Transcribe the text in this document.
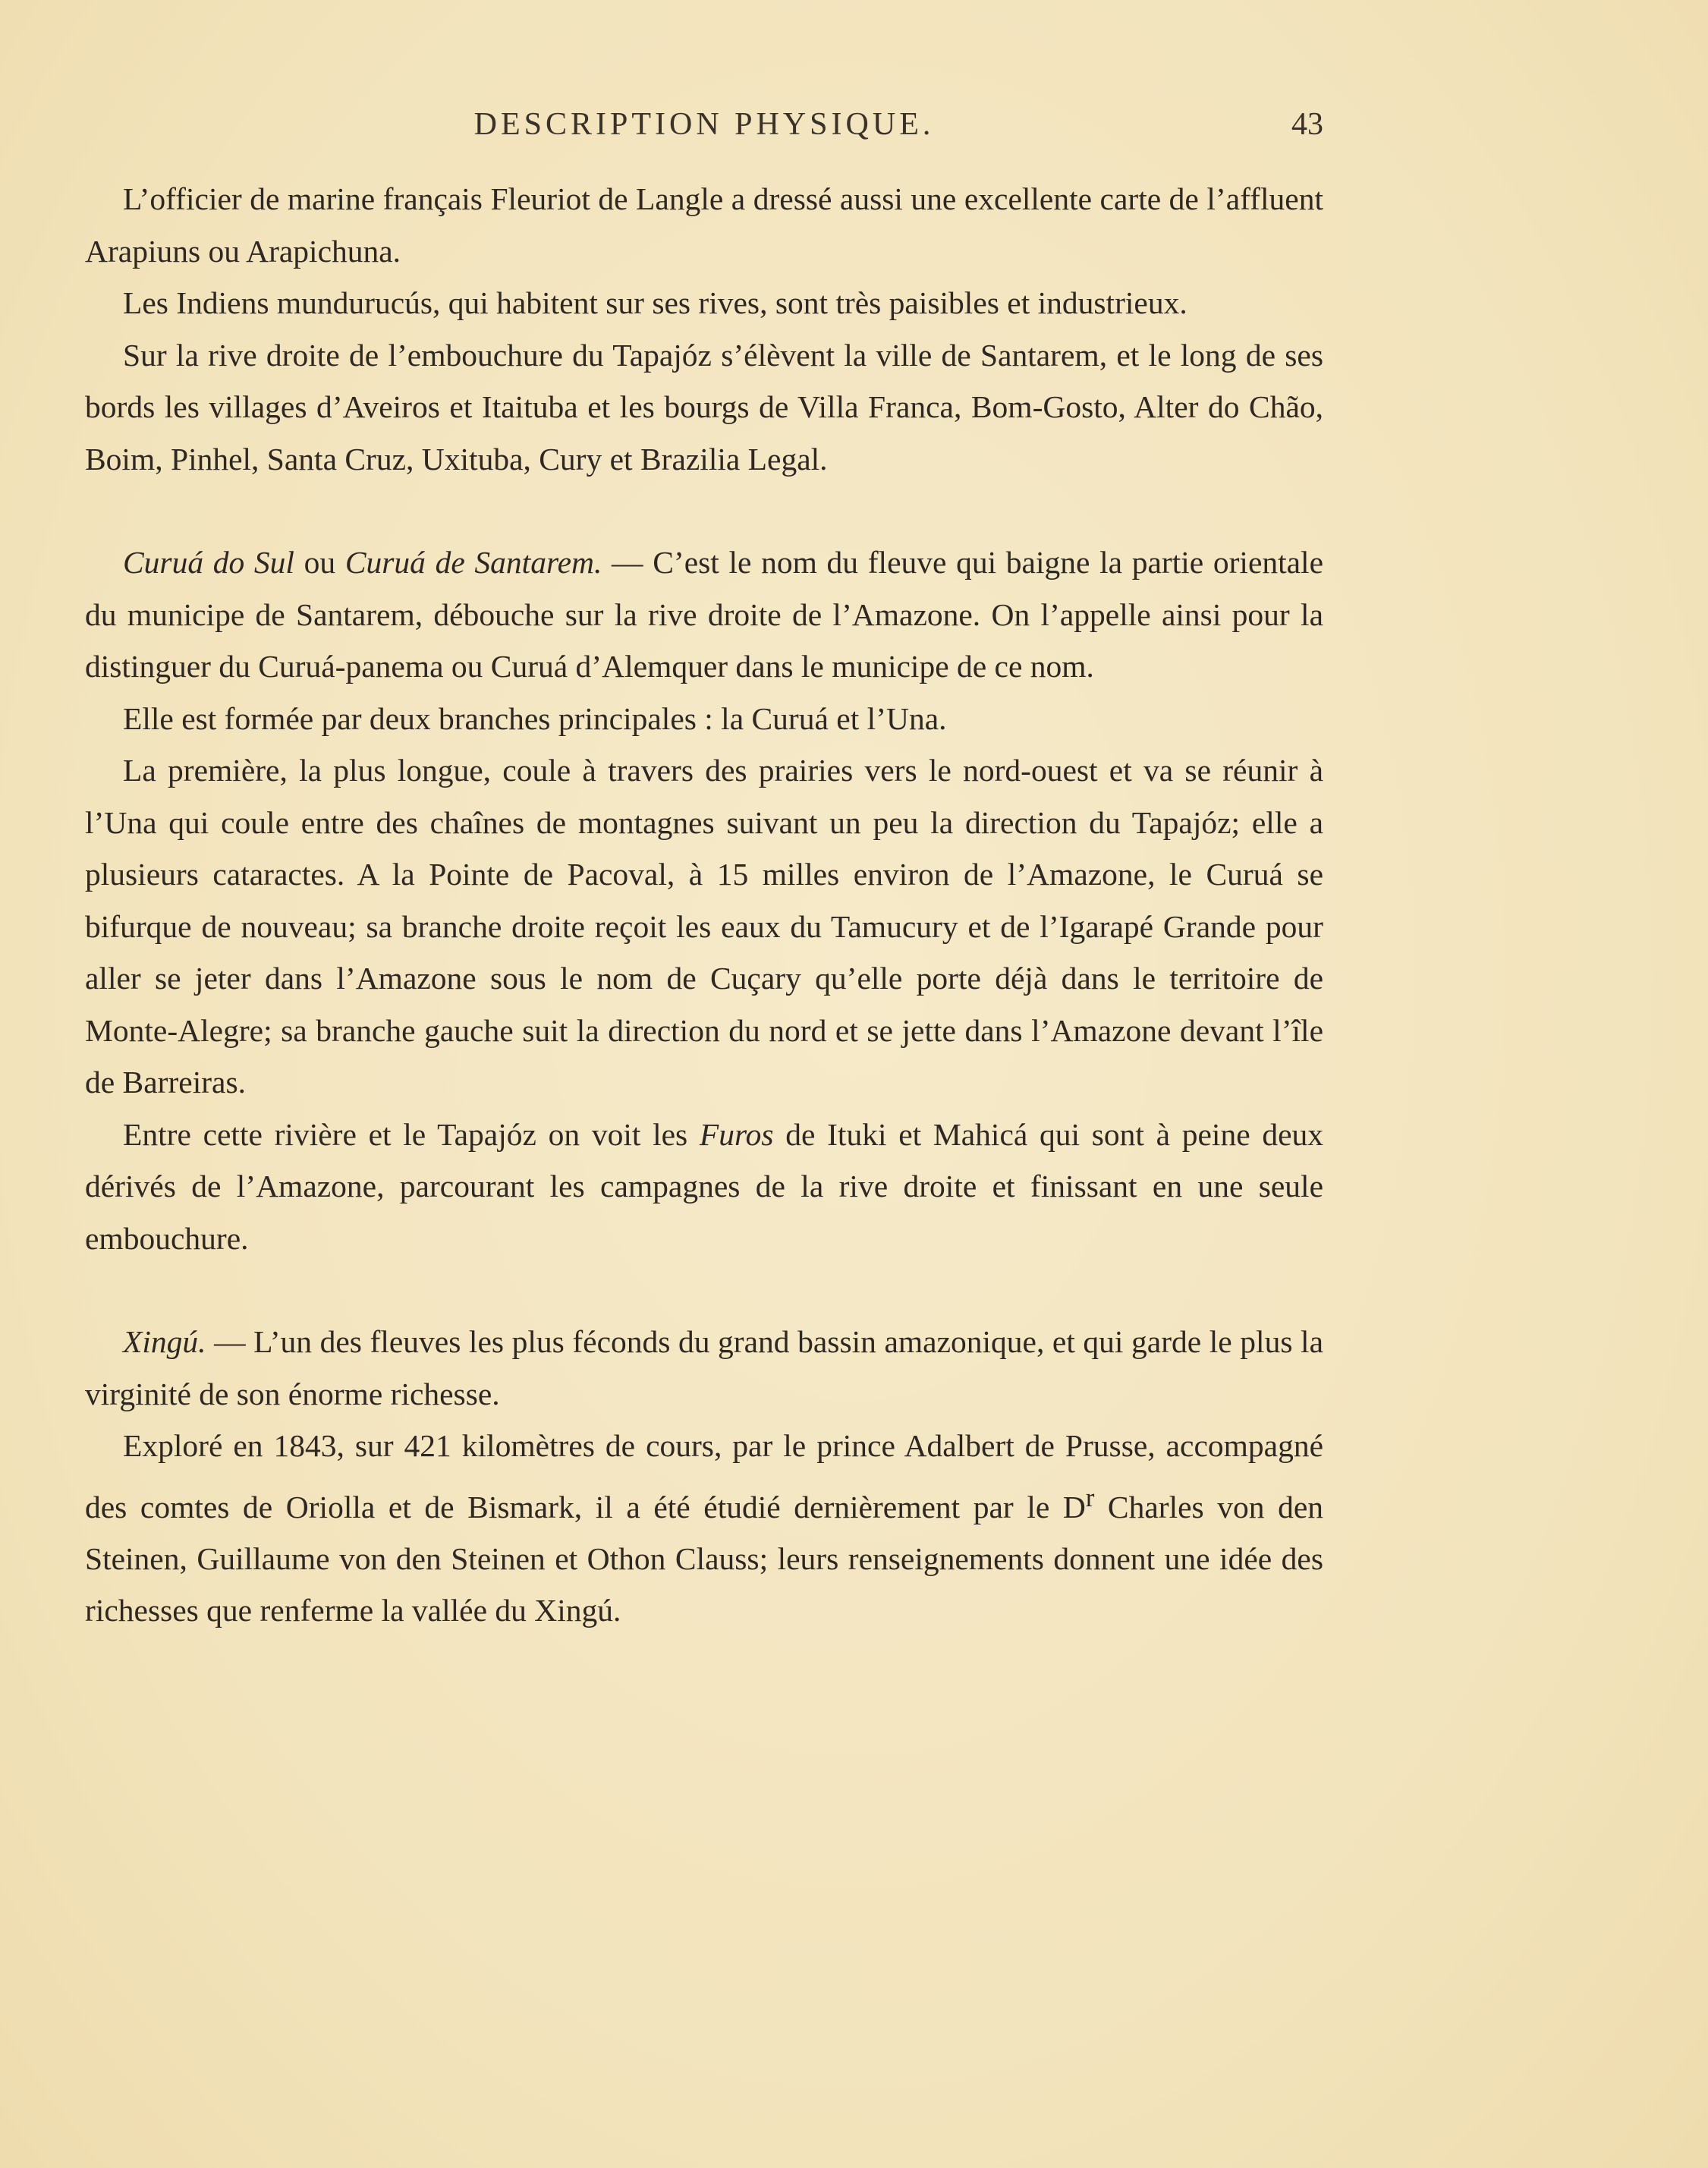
DESCRIPTION PHYSIQUE.	43

L’officier de marine français Fleuriot de Langle a dressé aussi une excellente carte de l’affluent Arapiuns ou Arapichuna.

Les Indiens mundurucús, qui habitent sur ses rives, sont très paisibles et industrieux.

Sur la rive droite de l’embouchure du Tapajóz s’élèvent la ville de Santarem, et le long de ses bords les villages d’Aveiros et Itaituba et les bourgs de Villa Franca, Bom-Gosto, Alter do Chão, Boim, Pinhel, Santa Cruz, Uxituba, Cury et Brazilia Legal.

Curuá do Sul ou Curuá de Santarem. — C’est le nom du fleuve qui baigne la partie orientale du municipe de Santarem, débouche sur la rive droite de l’Amazone. On l’appelle ainsi pour la distinguer du Curuá-panema ou Curuá d’Alemquer dans le municipe de ce nom.

Elle est formée par deux branches principales : la Curuá et l’Una.

La première, la plus longue, coule à travers des prairies vers le nord-ouest et va se réunir à l’Una qui coule entre des chaînes de montagnes suivant un peu la direction du Tapajóz; elle a plusieurs cataractes. A la Pointe de Pacoval, à 15 milles environ de l’Amazone, le Curuá se bifurque de nouveau; sa branche droite reçoit les eaux du Tamucury et de l’Igarapé Grande pour aller se jeter dans l’Amazone sous le nom de Cuçary qu’elle porte déjà dans le territoire de Monte-Alegre; sa branche gauche suit la direction du nord et se jette dans l’Amazone devant l’île de Barreiras.

Entre cette rivière et le Tapajóz on voit les Furos de Ituki et Mahicá qui sont à peine deux dérivés de l’Amazone, parcourant les campagnes de la rive droite et finissant en une seule embouchure.

Xingú. — L’un des fleuves les plus féconds du grand bassin amazonique, et qui garde le plus la virginité de son énorme richesse.

Exploré en 1843, sur 421 kilomètres de cours, par le prince Adalbert de Prusse, accompagné des comtes de Oriolla et de Bismark, il a été étudié dernièrement par le $D^r$ Charles von den Steinen, Guillaume von den Steinen et Othon Clauss; leurs renseignements donnent une idée des richesses que renferme la vallée du Xingú.
